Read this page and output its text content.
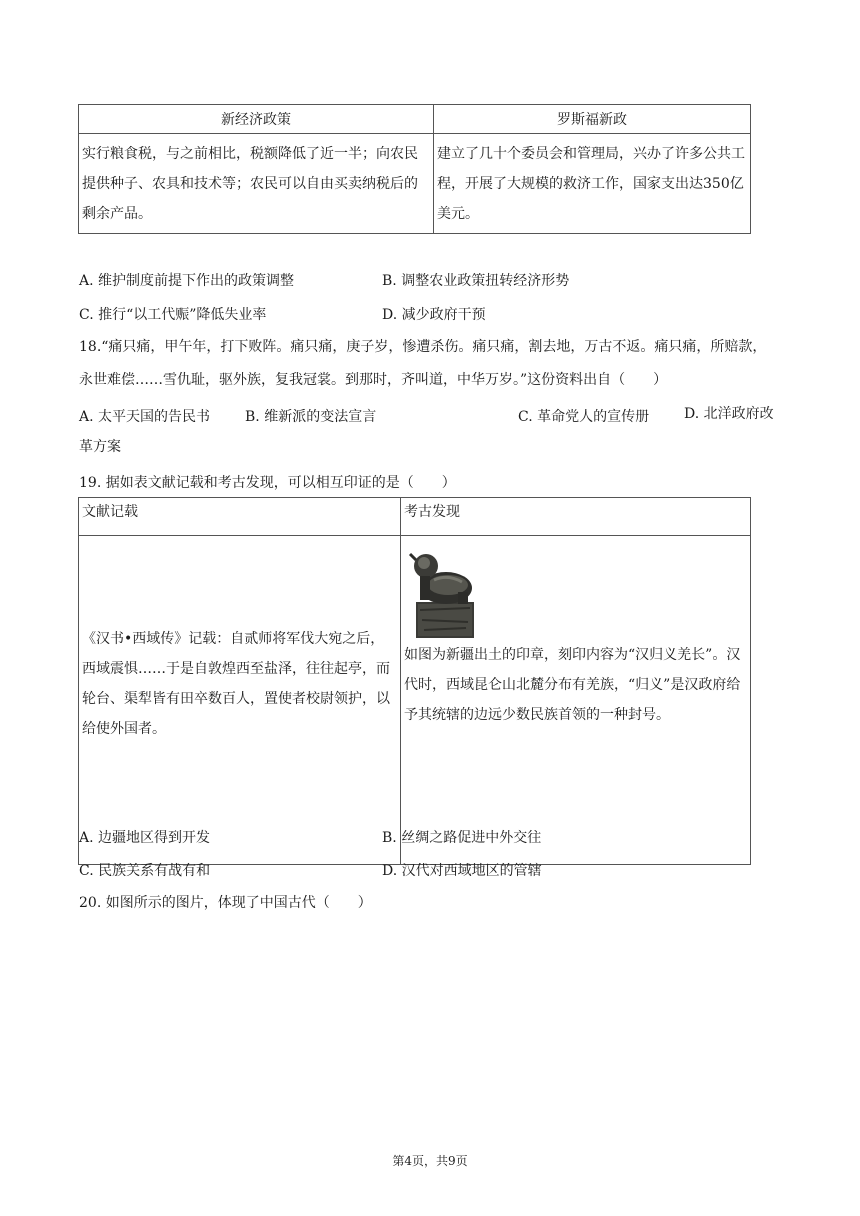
新经济政策	罗斯福新政

实行粮食税，与之前相比，税额降低了近一半；向农民提供种子、农具和技术等；农民可以自由买卖纳税后的剩余产品。	建立了几十个委员会和管理局，兴办了许多公共工程，开展了大规模的救济工作，国家支出达350亿美元。
A. 维护制度前提下作出的政策调整	B. 调整农业政策扭转经济形势
C. 推行“以工代赈”降低失业率	D. 减少政府干预
18.“痛只痛，甲午年，打下败阵。痛只痛，庚子岁，惨遭杀伤。痛只痛，割去地，万古不返。痛只痛，所赔款，永世难偿……雪仇耻，驱外族，复我冠裳。到那时，齐叫道，中华万岁。”这份资料出自（　　）
A. 太平天国的告民书 B. 维新派的变法宣言	C. 革命党人的宣传册	D. 北洋政府改革方案
19. 据如表文献记载和考古发现，可以相互印证的是（　　）
文献记载	考古发现
《汉书•西域传》记载：自贰师将军伐大宛之后，西域震惧……于是自敦煌西至盐泽，往往起亭，而轮台、渠犁皆有田卒数百人，置使者校尉领护，以给使外国者。	如图为新疆出土的印章，刻印内容为“汉归义羌长”。汉代时，西域昆仑山北麓分布有羌族，“归义”是汉政府给予其统辖的边远少数民族首领的一种封号。
A. 边疆地区得到开发	B. 丝绸之路促进中外交往
C. 民族关系有战有和	D. 汉代对西域地区的管辖
20. 如图所示的图片，体现了中国古代（　　）
第4页，共9页
